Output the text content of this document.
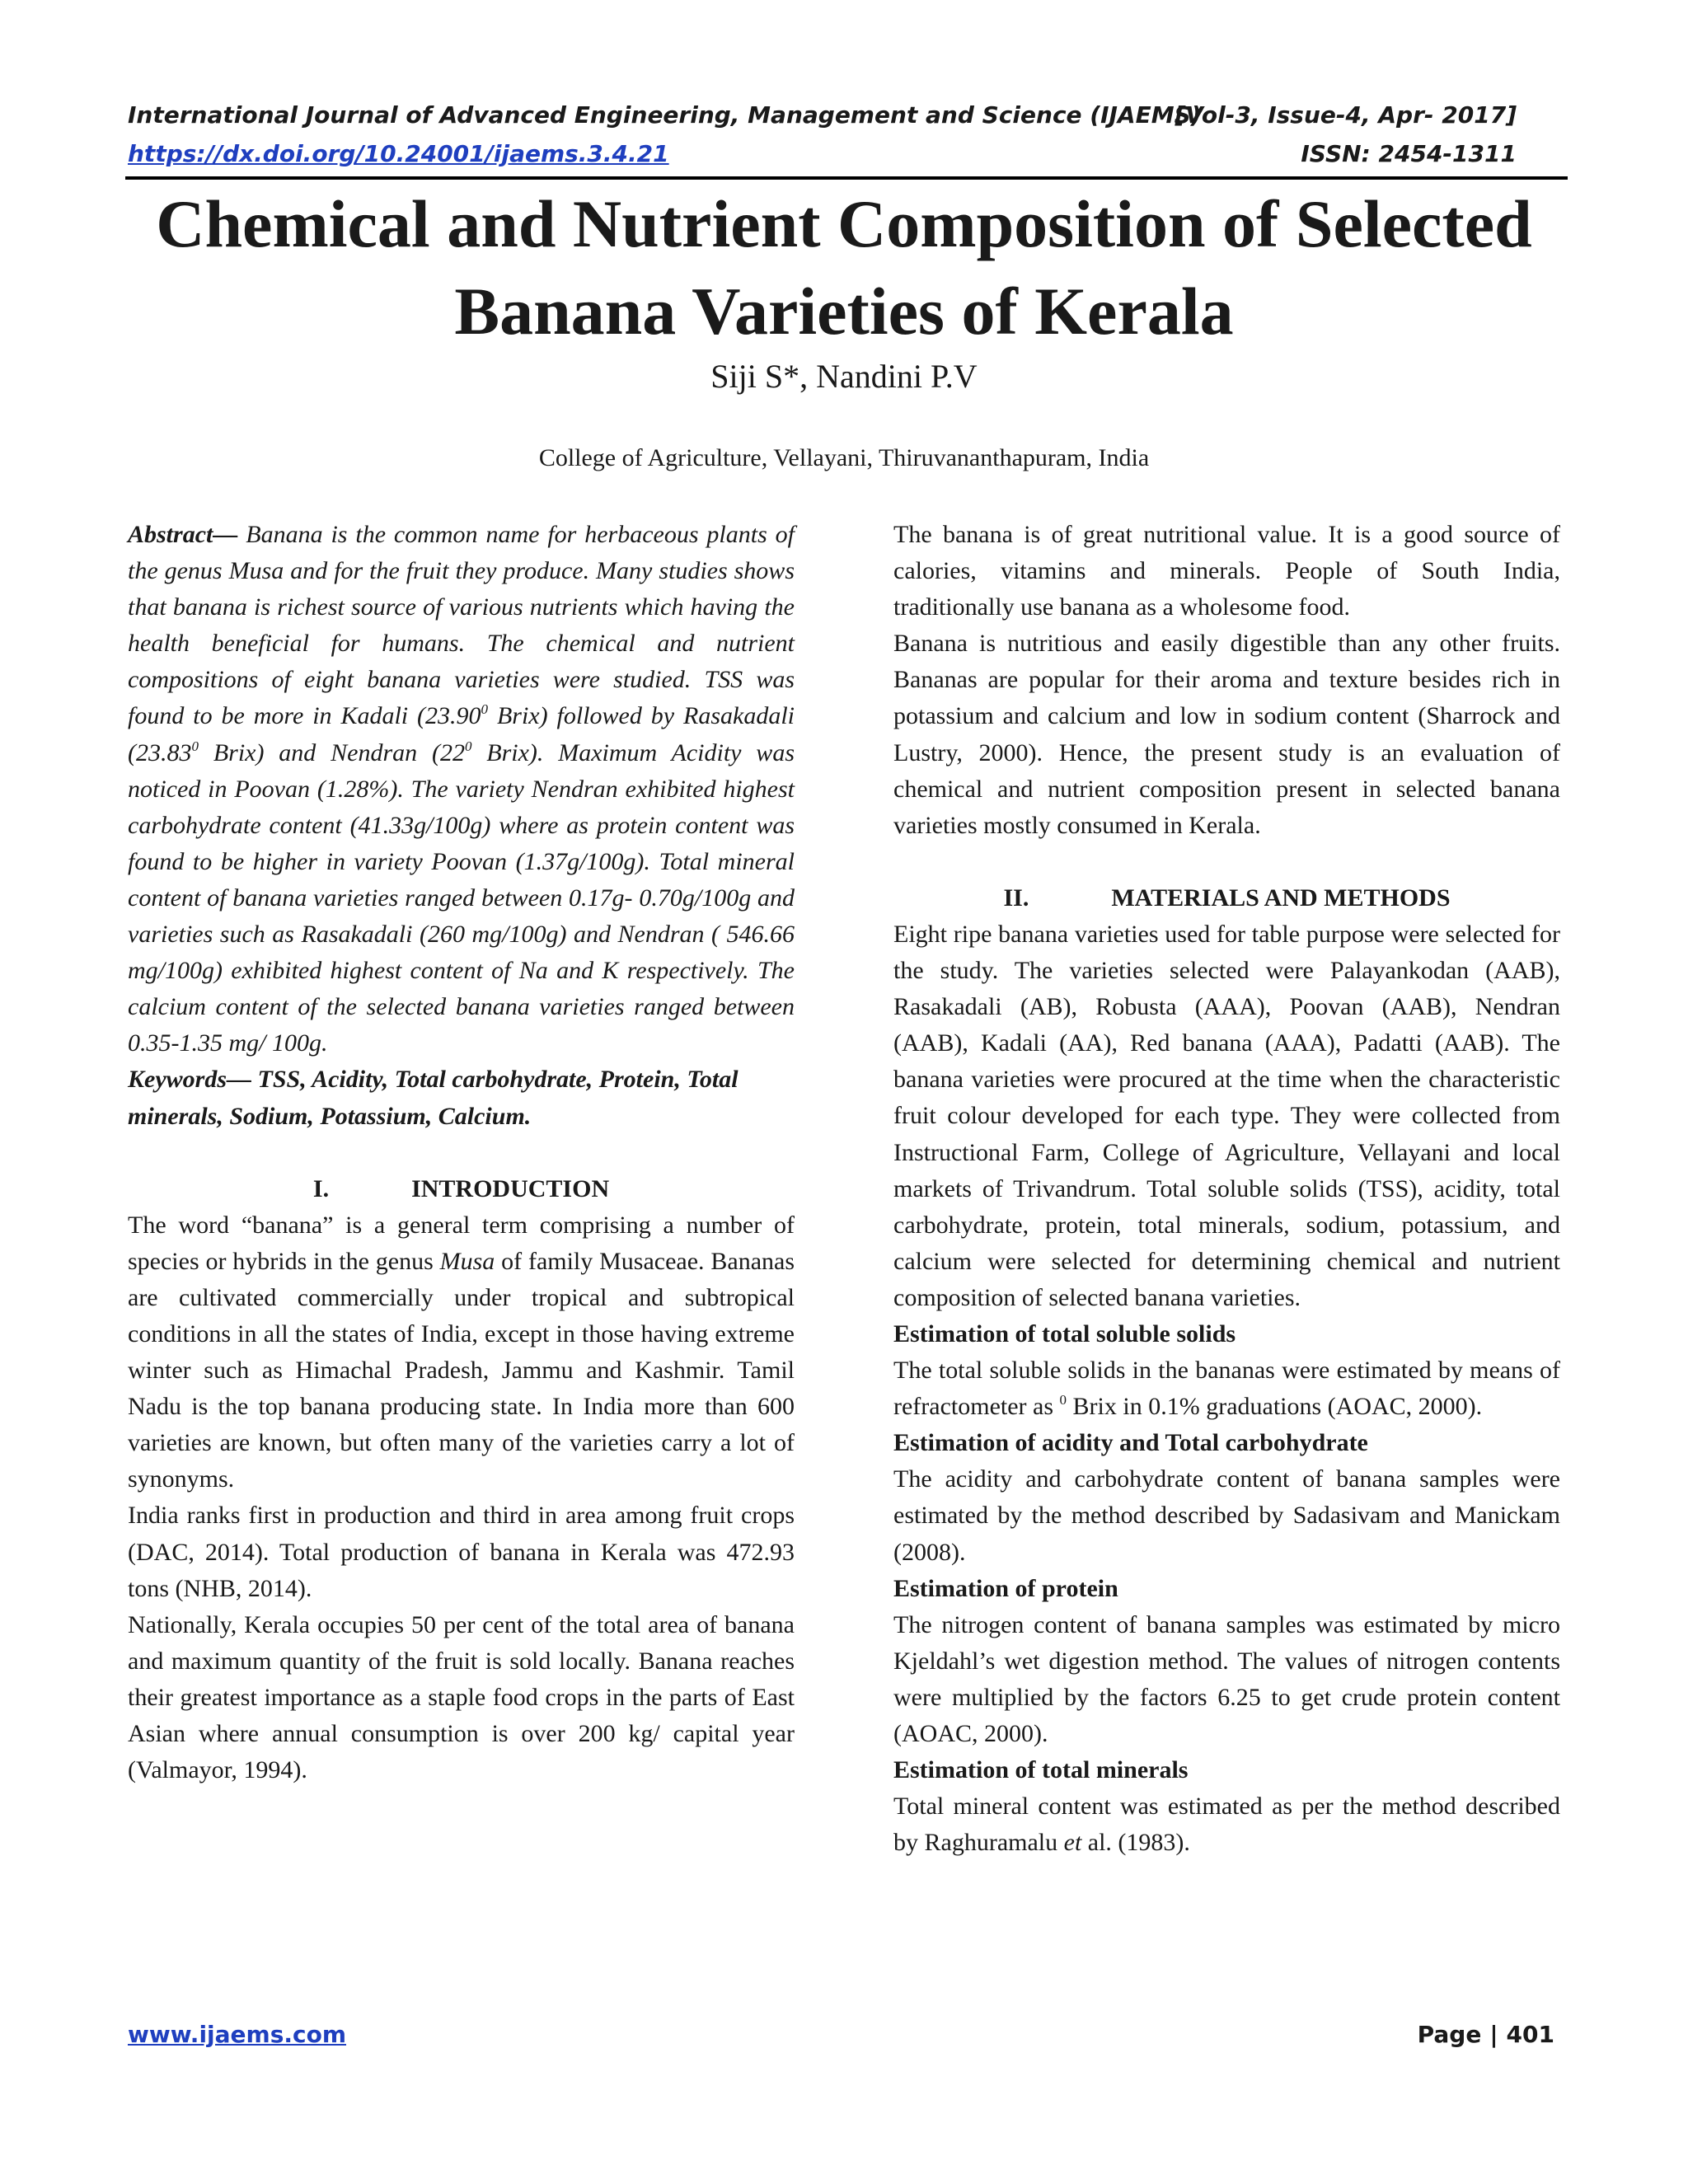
International Journal of Advanced Engineering, Management and Science (IJAEMS)
[Vol-3, Issue-4, Apr- 2017]
https://dx.doi.org/10.24001/ijaems.3.4.21	ISSN: 2454-1311
Chemical and Nutrient Composition of Selected
Banana Varieties of Kerala
Siji S*, Nandini P.V
College of Agriculture, Vellayani, Thiruvananthapuram, India

Abstract— Banana is the common name for herbaceous plants of the genus Musa and for the fruit they produce. Many studies shows that banana is richest source of various nutrients which having the health beneficial for humans. The chemical and nutrient compositions of eight banana varieties were studied. TSS was found to be more in Kadali (23.90$^0$ Brix) followed by Rasakadali (23.83$^0$ Brix) and Nendran ($22^0$ Brix). Maximum Acidity was noticed in Poovan (1.28%). The variety Nendran exhibited highest carbohydrate content (41.33g/100g) where as protein content was found to be higher in variety Poovan (1.37g/100g). Total mineral content of banana varieties ranged between 0.17g- 0.70g/100g and varieties such as Rasakadali (260 mg/100g) and Nendran ( 546.66 mg/100g) exhibited highest content of Na and K respectively. The calcium content of the selected banana varieties ranged between 0.35-1.35 mg/ 100g.

Keywords— TSS, Acidity, Total carbohydrate, Protein, Total minerals, Sodium, Potassium, Calcium.

I.	INTRODUCTION

The word “banana” is a general term comprising a number of species or hybrids in the genus Musa of family Musaceae. Bananas are cultivated commercially under tropical and subtropical conditions in all the states of India, except in those having extreme winter such as Himachal Pradesh, Jammu and Kashmir. Tamil Nadu is the top banana producing state. In India more than 600 varieties are known, but often many of the varieties carry a lot of synonyms.

India ranks first in production and third in area among fruit crops (DAC, 2014). Total production of banana in Kerala was 472.93 tons (NHB, 2014).

Nationally, Kerala occupies 50 per cent of the total area of banana and maximum quantity of the fruit is sold locally. Banana reaches their greatest importance as a staple food crops in the parts of East Asian where annual consumption is over 200 kg/ capital year (Valmayor, 1994).

The banana is of great nutritional value. It is a good source of calories, vitamins and minerals. People of South India, traditionally use banana as a wholesome food.

Banana is nutritious and easily digestible than any other fruits. Bananas are popular for their aroma and texture besides rich in potassium and calcium and low in sodium content (Sharrock and Lustry, 2000). Hence, the present study is an evaluation of chemical and nutrient composition present in selected banana varieties mostly consumed in Kerala.

II.	MATERIALS AND METHODS

Eight ripe banana varieties used for table purpose were selected for the study. The varieties selected were Palayankodan (AAB), Rasakadali (AB), Robusta (AAA), Poovan (AAB), Nendran (AAB), Kadali (AA), Red banana (AAA), Padatti (AAB). The banana varieties were procured at the time when the characteristic fruit colour developed for each type. They were collected from Instructional Farm, College of Agriculture, Vellayani and local markets of Trivandrum. Total soluble solids (TSS), acidity, total carbohydrate, protein, total minerals, sodium, potassium, and calcium were selected for determining chemical and nutrient composition of selected banana varieties.

Estimation of total soluble solids

The total soluble solids in the bananas were estimated by means of refractometer as $^0$ Brix in 0.1% graduations (AOAC, 2000).

Estimation of acidity and Total carbohydrate

The acidity and carbohydrate content of banana samples were estimated by the method described by Sadasivam and Manickam (2008).

Estimation of protein

The nitrogen content of banana samples was estimated by micro Kjeldahl’s wet digestion method. The values of nitrogen contents were multiplied by the factors 6.25 to get crude protein content (AOAC, 2000).

Estimation of total minerals

Total mineral content was estimated as per the method described by Raghuramalu et al. (1983).

www.ijaems.com	Page | 401
